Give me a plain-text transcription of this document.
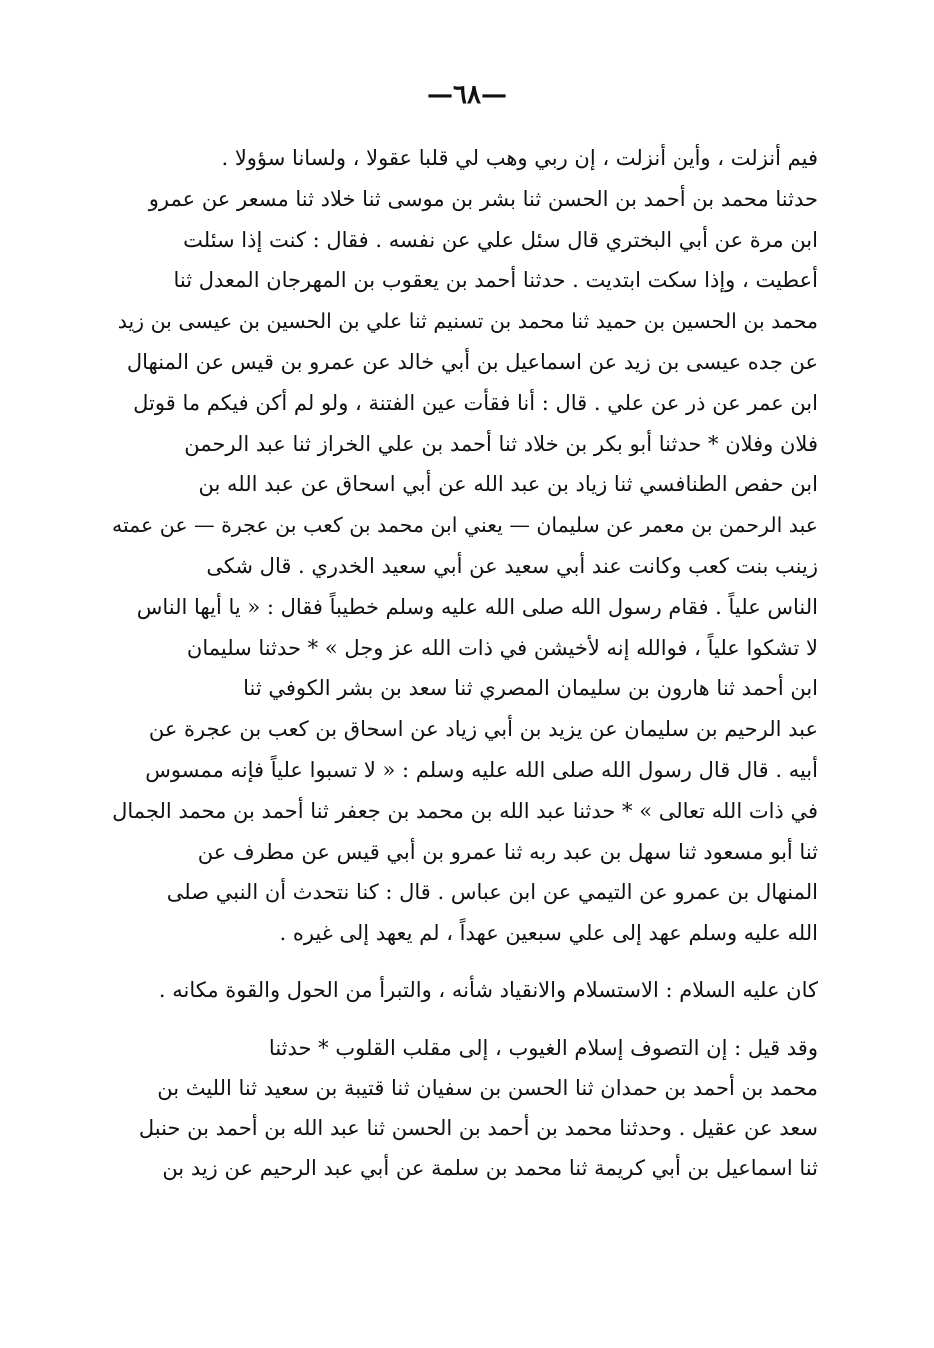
—٦٨—
فيم أنزلت ، وأين أنزلت ، إن ربي وهب لي قلبا عقولا ، ولسانا سؤولا .
حدثنا محمد بن أحمد بن الحسن ثنا بشر بن موسى ثنا خلاد ثنا مسعر عن عمرو
ابن مرة عن أبي البختري قال سئل علي عن نفسه . فقال : كنت إذا سئلت
أعطيت ، وإذا سكت ابتديت . حدثنا أحمد بن يعقوب بن المهرجان المعدل ثنا
محمد بن الحسين بن حميد ثنا محمد بن تسنيم ثنا علي بن الحسين بن عيسى بن زيد
عن جده عيسى بن زيد عن اسماعيل بن أبي خالد عن عمرو بن قيس عن المنهال
ابن عمر عن ذر عن علي . قال : أنا فقأت عين الفتنة ، ولو لم أكن فيكم ما قوتل
فلان وفلان * حدثنا أبو بكر بن خلاد ثنا أحمد بن علي الخراز ثنا عبد الرحمن
ابن حفص الطنافسي ثنا زياد بن عبد الله عن أبي اسحاق عن عبد الله بن
عبد الرحمن بن معمر عن سليمان — يعني ابن محمد بن كعب بن عجرة — عن عمته
زينب بنت كعب وكانت عند أبي سعيد عن أبي سعيد الخدري . قال شكى
الناس علياً . فقام رسول الله صلى الله عليه وسلم خطيباً فقال : « يا أيها الناس
لا تشكوا علياً ، فوالله إنه لأخيشن في ذات الله عز وجل » * حدثنا سليمان
ابن أحمد ثنا هارون بن سليمان المصري ثنا سعد بن بشر الكوفي ثنا
عبد الرحيم بن سليمان عن يزيد بن أبي زياد عن اسحاق بن كعب بن عجرة عن
أبيه . قال قال رسول الله صلى الله عليه وسلم : « لا تسبوا علياً فإنه ممسوس
في ذات الله تعالى » * حدثنا عبد الله بن محمد بن جعفر ثنا أحمد بن محمد الجمال
ثنا أبو مسعود ثنا سهل بن عبد ربه ثنا عمرو بن أبي قيس عن مطرف عن
المنهال بن عمرو عن التيمي عن ابن عباس . قال : كنا نتحدث أن النبي صلى
الله عليه وسلم عهد إلى علي سبعين عهداً ، لم يعهد إلى غيره .
كان عليه السلام : الاستسلام والانقياد شأنه ، والتبرأ من الحول والقوة مكانه .
وقد قيل : إن التصوف إسلام الغيوب ، إلى مقلب القلوب * حدثنا
محمد بن أحمد بن حمدان ثنا الحسن بن سفيان ثنا قتيبة بن سعيد ثنا الليث بن
سعد عن عقيل . وحدثنا محمد بن أحمد بن الحسن ثنا عبد الله بن أحمد بن حنبل
ثنا اسماعيل بن أبي كريمة ثنا محمد بن سلمة عن أبي عبد الرحيم عن زيد بن
